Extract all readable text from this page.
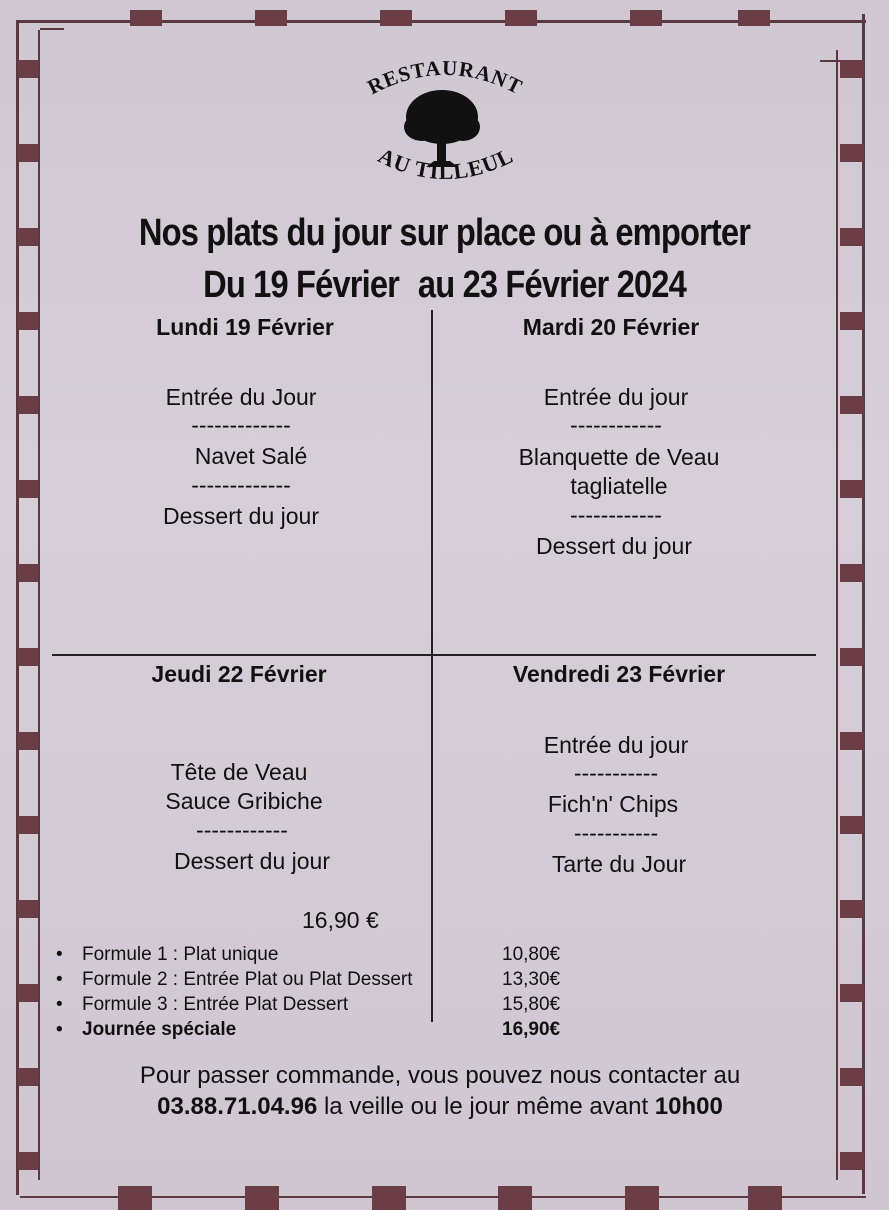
RESTAURANT
AU TILLEUL
Nos plats du jour sur place ou à emporter
Du 19 Février au 23 Février 2024
Lundi 19 Février
Entrée du Jour
-------------
Navet Salé
-------------
Dessert du jour
Mardi 20 Février
Entrée du jour
------------
Blanquette de Veau
tagliatelle
------------
Dessert du jour
Jeudi 22 Février
Tête de Veau
Sauce Gribiche
------------
Dessert du jour
Vendredi 23 Février
Entrée du jour
-----------
Fich'n' Chips
-----------
Tarte du Jour
16,90 €
• Formule 1 : Plat unique	10,80€
• Formule 2 : Entrée Plat ou Plat Dessert	13,30€
• Formule 3 : Entrée Plat Dessert	15,80€
• Journée spéciale	16,90€
Pour passer commande, vous pouvez nous contacter au
03.88.71.04.96 la veille ou le jour même avant 10h00
